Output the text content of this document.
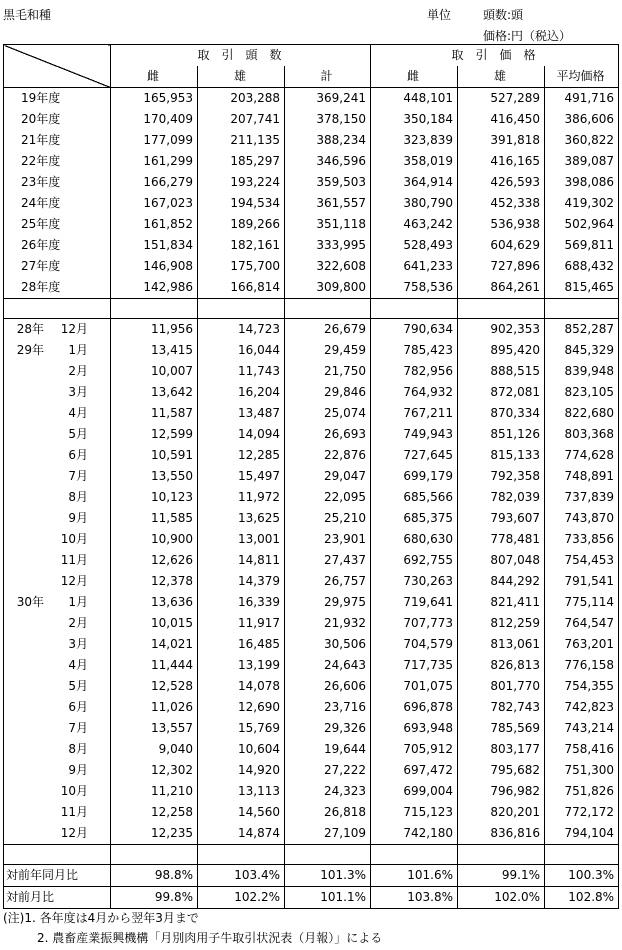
黒毛和種	単位	頭数:頭
価格:円（税込）
	取　引　頭　数			取　引　価　格		
	雌	雄	計	雌	雄	平均価格
19年度	165,953	203,288	369,241	448,101	527,289	491,716
20年度	170,409	207,741	378,150	350,184	416,450	386,606
21年度	177,099	211,135	388,234	323,839	391,818	360,822
22年度	161,299	185,297	346,596	358,019	416,165	389,087
23年度	166,279	193,224	359,503	364,914	426,593	398,086
24年度	167,023	194,534	361,557	380,790	452,338	419,302
25年度	161,852	189,266	351,118	463,242	536,938	502,964
26年度	151,834	182,161	333,995	528,493	604,629	569,811
27年度	146,908	175,700	322,608	641,233	727,896	688,432
28年度	142,986	166,814	309,800	758,536	864,261	815,465

28年 12月	11,956	14,723	26,679	790,634	902,353	852,287
29年 1月	13,415	16,044	29,459	785,423	895,420	845,329
2月	10,007	11,743	21,750	782,956	888,515	839,948
3月	13,642	16,204	29,846	764,932	872,081	823,105
4月	11,587	13,487	25,074	767,211	870,334	822,680
5月	12,599	14,094	26,693	749,943	851,126	803,368
6月	10,591	12,285	22,876	727,645	815,133	774,628
7月	13,550	15,497	29,047	699,179	792,358	748,891
8月	10,123	11,972	22,095	685,566	782,039	737,839
9月	11,585	13,625	25,210	685,375	793,607	743,870
10月	10,900	13,001	23,901	680,630	778,481	733,856
11月	12,626	14,811	27,437	692,755	807,048	754,453
12月	12,378	14,379	26,757	730,263	844,292	791,541
30年 1月	13,636	16,339	29,975	719,641	821,411	775,114
2月	10,015	11,917	21,932	707,773	812,259	764,547
3月	14,021	16,485	30,506	704,579	813,061	763,201
4月	11,444	13,199	24,643	717,735	826,813	776,158
5月	12,528	14,078	26,606	701,075	801,770	754,355
6月	11,026	12,690	23,716	696,878	782,743	742,823
7月	13,557	15,769	29,326	693,948	785,569	743,214
8月	9,040	10,604	19,644	705,912	803,177	758,416
9月	12,302	14,920	27,222	697,472	795,682	751,300
10月	11,210	13,113	24,323	699,004	796,982	751,826
11月	12,258	14,560	26,818	715,123	820,201	772,172
12月	12,235	14,874	27,109	742,180	836,816	794,104

対前年同月比	98.8%	103.4%	101.3%	101.6%	99.1%	100.3%
対前月比	99.8%	102.2%	101.1%	103.8%	102.0%	102.8%
(注)1. 各年度は4月から翌年3月まで
2. 農畜産業振興機構「月別肉用子牛取引状況表（月報）」による
